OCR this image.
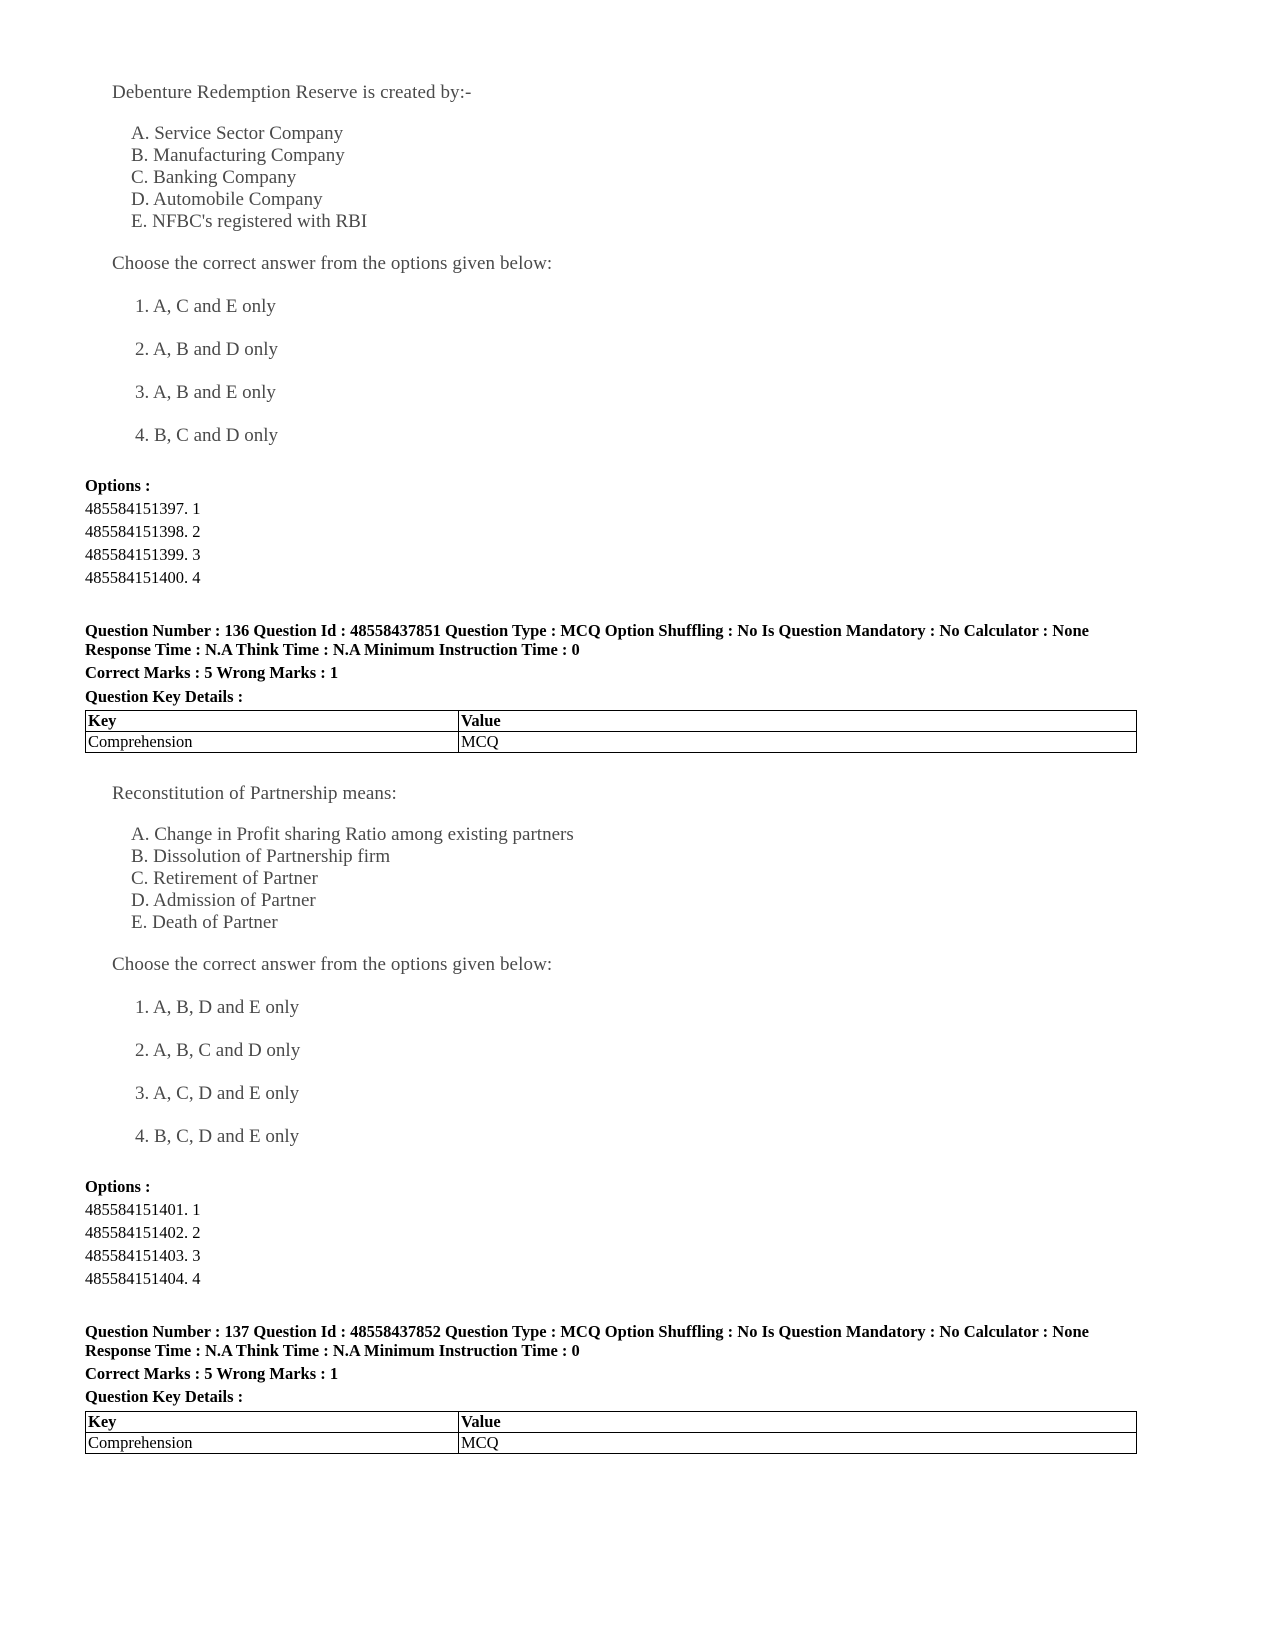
Debenture Redemption Reserve is created by:-
A. Service Sector Company
B. Manufacturing Company
C. Banking Company
D. Automobile Company
E. NFBC's registered with RBI
Choose the correct answer from the options given below:
1. A, C and E only
2. A, B and D only
3. A, B and E only
4. B, C and D only
Options :
485584151397. 1
485584151398. 2
485584151399. 3
485584151400. 4
Question Number : 136 Question Id : 48558437851 Question Type : MCQ Option Shuffling : No Is Question Mandatory : No Calculator : None
Response Time : N.A Think Time : N.A Minimum Instruction Time : 0
Correct Marks : 5 Wrong Marks : 1
Question Key Details :
Key	Value
Comprehension	MCQ
Reconstitution of Partnership means:
A. Change in Profit sharing Ratio among existing partners
B. Dissolution of Partnership firm
C. Retirement of Partner
D. Admission of Partner
E. Death of Partner
Choose the correct answer from the options given below:
1. A, B, D and E only
2. A, B, C and D only
3. A, C, D and E only
4. B, C, D and E only
Options :
485584151401. 1
485584151402. 2
485584151403. 3
485584151404. 4
Question Number : 137 Question Id : 48558437852 Question Type : MCQ Option Shuffling : No Is Question Mandatory : No Calculator : None
Response Time : N.A Think Time : N.A Minimum Instruction Time : 0
Correct Marks : 5 Wrong Marks : 1
Question Key Details :
Key	Value
Comprehension	MCQ
